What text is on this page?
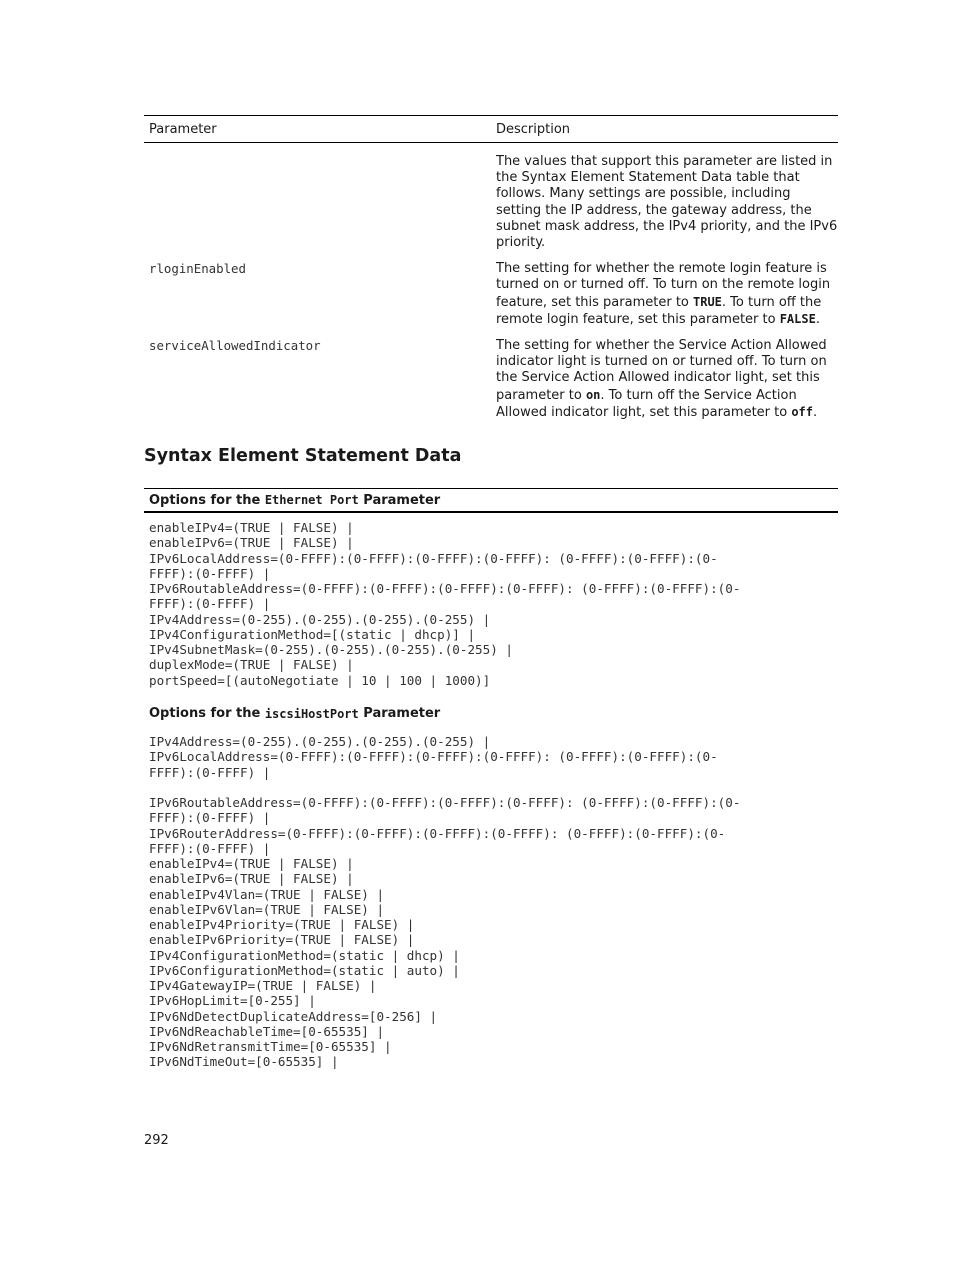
Parameter	Description
The values that support this parameter are listed in the Syntax Element Statement Data table that follows. Many settings are possible, including setting the IP address, the gateway address, the subnet mask address, the IPv4 priority, and the IPv6 priority.
rloginEnabled	The setting for whether the remote login feature is turned on or turned off. To turn on the remote login feature, set this parameter to TRUE. To turn off the remote login feature, set this parameter to FALSE.
serviceAllowedIndicator	The setting for whether the Service Action Allowed indicator light is turned on or turned off. To turn on the Service Action Allowed indicator light, set this parameter to on. To turn off the Service Action Allowed indicator light, set this parameter to off.
Syntax Element Statement Data
Options for the
Ethernet Port
Parameter
enableIPv4=(TRUE | FALSE) |
enableIPv6=(TRUE | FALSE) |
IPv6LocalAddress=(0-FFFF):(0-FFFF):(0-FFFF):(0-FFFF): (0-FFFF):(0-FFFF):(0-
FFFF):(0-FFFF) |
IPv6RoutableAddress=(0-FFFF):(0-FFFF):(0-FFFF):(0-FFFF): (0-FFFF):(0-FFFF):(0-
FFFF):(0-FFFF) |
IPv4Address=(0-255).(0-255).(0-255).(0-255) |
IPv4ConfigurationMethod=[(static | dhcp)] |
IPv4SubnetMask=(0-255).(0-255).(0-255).(0-255) |
duplexMode=(TRUE | FALSE) |
portSpeed=[(autoNegotiate | 10 | 100 | 1000)]
Options for the
iscsiHostPort
Parameter
IPv4Address=(0-255).(0-255).(0-255).(0-255) |
IPv6LocalAddress=(0-FFFF):(0-FFFF):(0-FFFF):(0-FFFF): (0-FFFF):(0-FFFF):(0-
FFFF):(0-FFFF) |

IPv6RoutableAddress=(0-FFFF):(0-FFFF):(0-FFFF):(0-FFFF): (0-FFFF):(0-FFFF):(0-
FFFF):(0-FFFF) |
IPv6RouterAddress=(0-FFFF):(0-FFFF):(0-FFFF):(0-FFFF): (0-FFFF):(0-FFFF):(0-
FFFF):(0-FFFF) |
enableIPv4=(TRUE | FALSE) |
enableIPv6=(TRUE | FALSE) |
enableIPv4Vlan=(TRUE | FALSE) |
enableIPv6Vlan=(TRUE | FALSE) |
enableIPv4Priority=(TRUE | FALSE) |
enableIPv6Priority=(TRUE | FALSE) |
IPv4ConfigurationMethod=(static | dhcp) |
IPv6ConfigurationMethod=(static | auto) |
IPv4GatewayIP=(TRUE | FALSE) |
IPv6HopLimit=[0-255] |
IPv6NdDetectDuplicateAddress=[0-256] |
IPv6NdReachableTime=[0-65535] |
IPv6NdRetransmitTime=[0-65535] |
IPv6NdTimeOut=[0-65535] |
292
